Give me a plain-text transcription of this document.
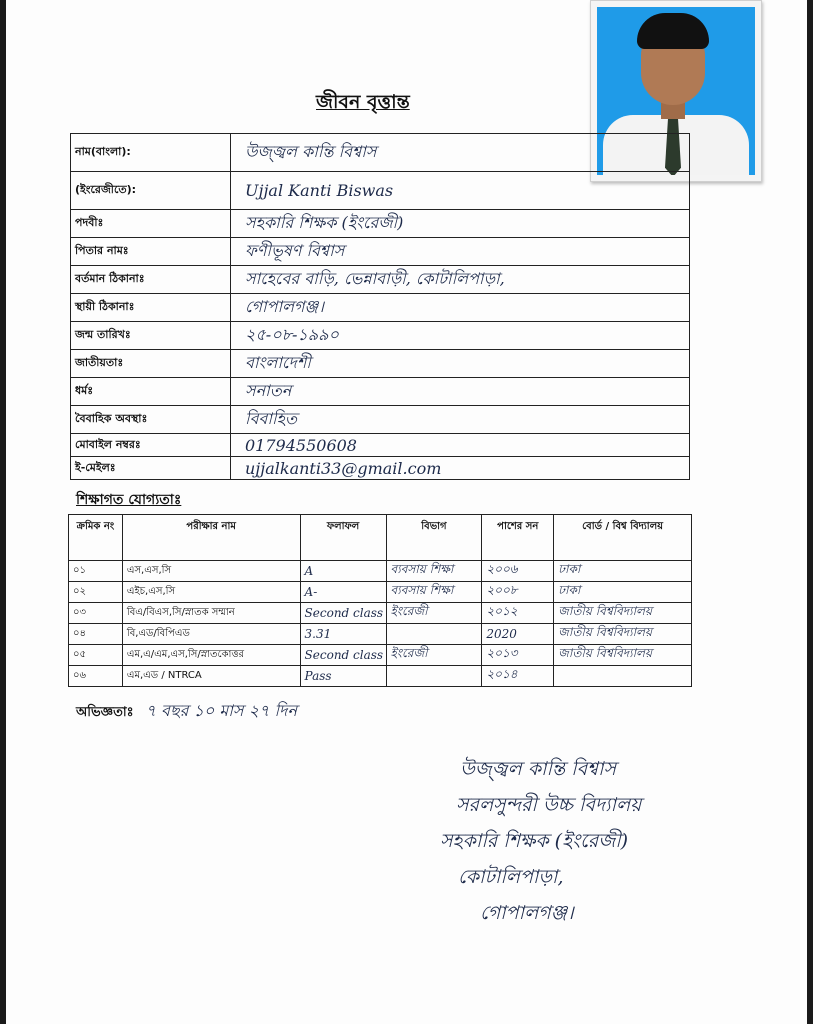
জীবন বৃত্তান্ত
নাম(বাংলা):	উজ্জ্বল কান্তি বিশ্বাস
(ইংরেজীতে):	Ujjal Kanti Biswas
পদবীঃ	সহকারি শিক্ষক (ইংরেজী)
পিতার নামঃ	ফণীভূষণ বিশ্বাস
বর্তমান ঠিকানাঃ	সাহেবের বাড়ি, ভেন্নাবাড়ী, কোটালিপাড়া,
স্থায়ী ঠিকানাঃ	গোপালগঞ্জ।
জন্ম তারিখঃ	২৫-০৮-১৯৯০
জাতীয়তাঃ	বাংলাদেশী
ধর্মঃ	সনাতন
বৈবাহিক অবস্থাঃ	বিবাহিত
মোবাইল নম্বরঃ	01794550608
ই-মেইলঃ	ujjalkanti33@gmail.com
শিক্ষাগত যোগ্যতাঃ
ক্রমিক নং	পরীক্ষার নাম	ফলাফল	বিভাগ	পাশের সন	বোর্ড / বিশ্ব বিদ্যালয়
০১	এস,এস,সি	A	ব্যবসায় শিক্ষা	২০০৬	ঢাকা
০২	এইচ,এস,সি	A-	ব্যবসায় শিক্ষা	২০০৮	ঢাকা
০৩	বিএ/বিএস,সি/স্নাতক সম্মান	Second class	ইংরেজী	২০১২	জাতীয় বিশ্ববিদ্যালয়
০৪	বি,এড/বিপিএড	3.31		2020	জাতীয় বিশ্ববিদ্যালয়
০৫	এম,এ/এম,এস,সি/স্নাতকোত্তর	Second class	ইংরেজী	২০১৩	জাতীয় বিশ্ববিদ্যালয়
০৬	এম,এড / NTRCA	Pass		২০১৪	
অভিজ্ঞতাঃ ৭ বছর ১০ মাস ২৭ দিন
উজ্জ্বল কান্তি বিশ্বাস
সরলসুন্দরী উচ্চ বিদ্যালয়
সহকারি শিক্ষক (ইংরেজী)
কোটালিপাড়া,
গোপালগঞ্জ।
